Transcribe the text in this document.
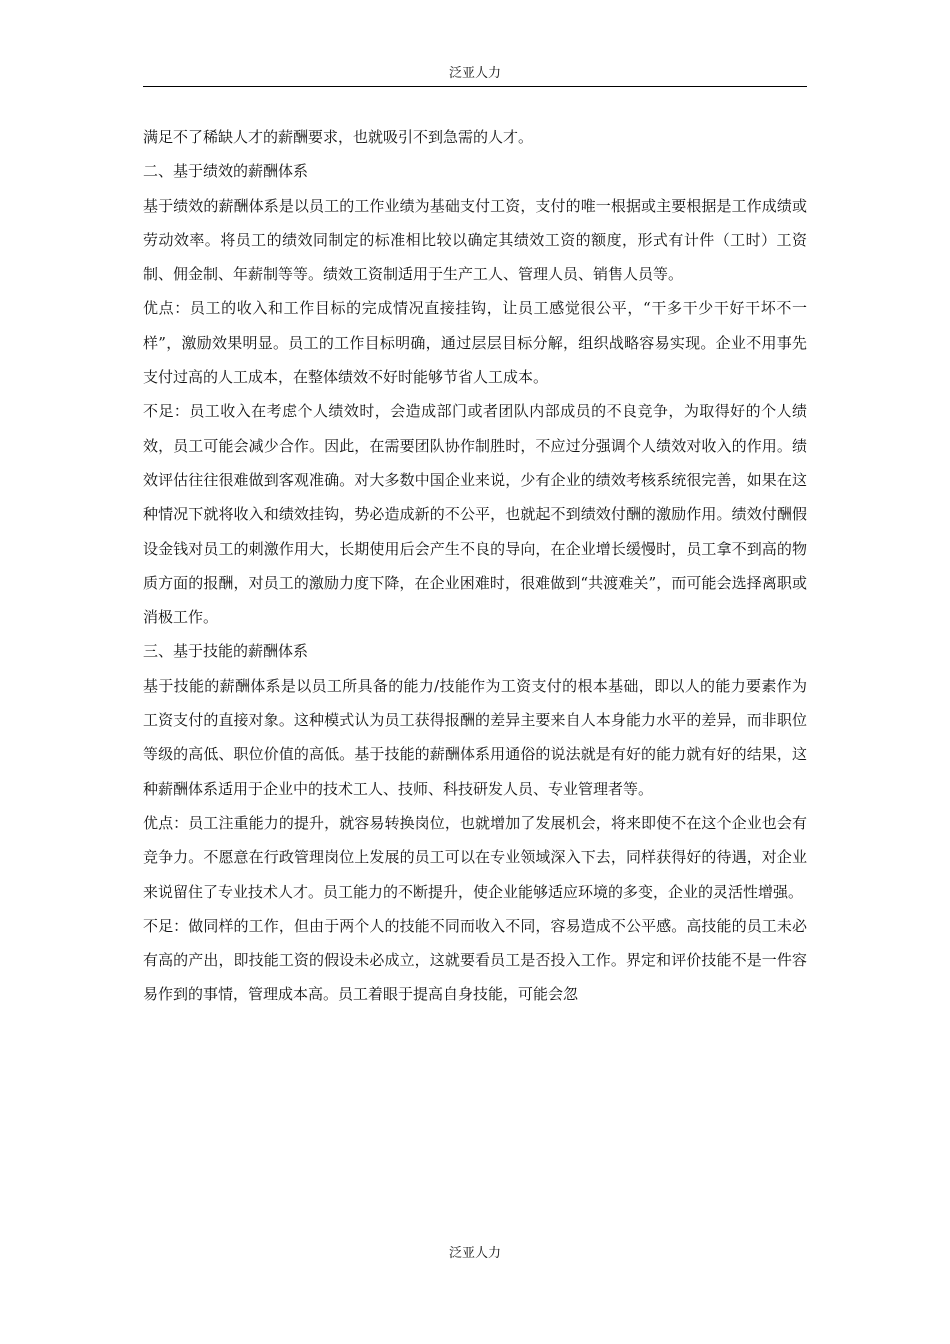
泛亚人力

满足不了稀缺人才的薪酬要求，也就吸引不到急需的人才。

二、基于绩效的薪酬体系

基于绩效的薪酬体系是以员工的工作业绩为基础支付工资，支付的唯一根据或主要根据是工作成绩或劳动效率。将员工的绩效同制定的标准相比较以确定其绩效工资的额度，形式有计件（工时）工资制、佣金制、年薪制等等。绩效工资制适用于生产工人、管理人员、销售人员等。

优点：员工的收入和工作目标的完成情况直接挂钩，让员工感觉很公平，“干多干少干好干坏不一样”，激励效果明显。员工的工作目标明确，通过层层目标分解，组织战略容易实现。企业不用事先支付过高的人工成本，在整体绩效不好时能够节省人工成本。

不足：员工收入在考虑个人绩效时，会造成部门或者团队内部成员的不良竞争，为取得好的个人绩效，员工可能会减少合作。因此，在需要团队协作制胜时，不应过分强调个人绩效对收入的作用。绩效评估往往很难做到客观准确。对大多数中国企业来说，少有企业的绩效考核系统很完善，如果在这种情况下就将收入和绩效挂钩，势必造成新的不公平，也就起不到绩效付酬的激励作用。绩效付酬假设金钱对员工的刺激作用大，长期使用后会产生不良的导向，在企业增长缓慢时，员工拿不到高的物质方面的报酬，对员工的激励力度下降，在企业困难时，很难做到“共渡难关”，而可能会选择离职或消极工作。

三、基于技能的薪酬体系

基于技能的薪酬体系是以员工所具备的能力/技能作为工资支付的根本基础，即以人的能力要素作为工资支付的直接对象。这种模式认为员工获得报酬的差异主要来自人本身能力水平的差异，而非职位等级的高低、职位价值的高低。基于技能的薪酬体系用通俗的说法就是有好的能力就有好的结果，这种薪酬体系适用于企业中的技术工人、技师、科技研发人员、专业管理者等。

优点：员工注重能力的提升，就容易转换岗位，也就增加了发展机会，将来即使不在这个企业也会有竞争力。不愿意在行政管理岗位上发展的员工可以在专业领域深入下去，同样获得好的待遇，对企业来说留住了专业技术人才。员工能力的不断提升，使企业能够适应环境的多变，企业的灵活性增强。

不足：做同样的工作，但由于两个人的技能不同而收入不同，容易造成不公平感。高技能的员工未必有高的产出，即技能工资的假设未必成立，这就要看员工是否投入工作。界定和评价技能不是一件容易作到的事情，管理成本高。员工着眼于提高自身技能，可能会忽

泛亚人力
